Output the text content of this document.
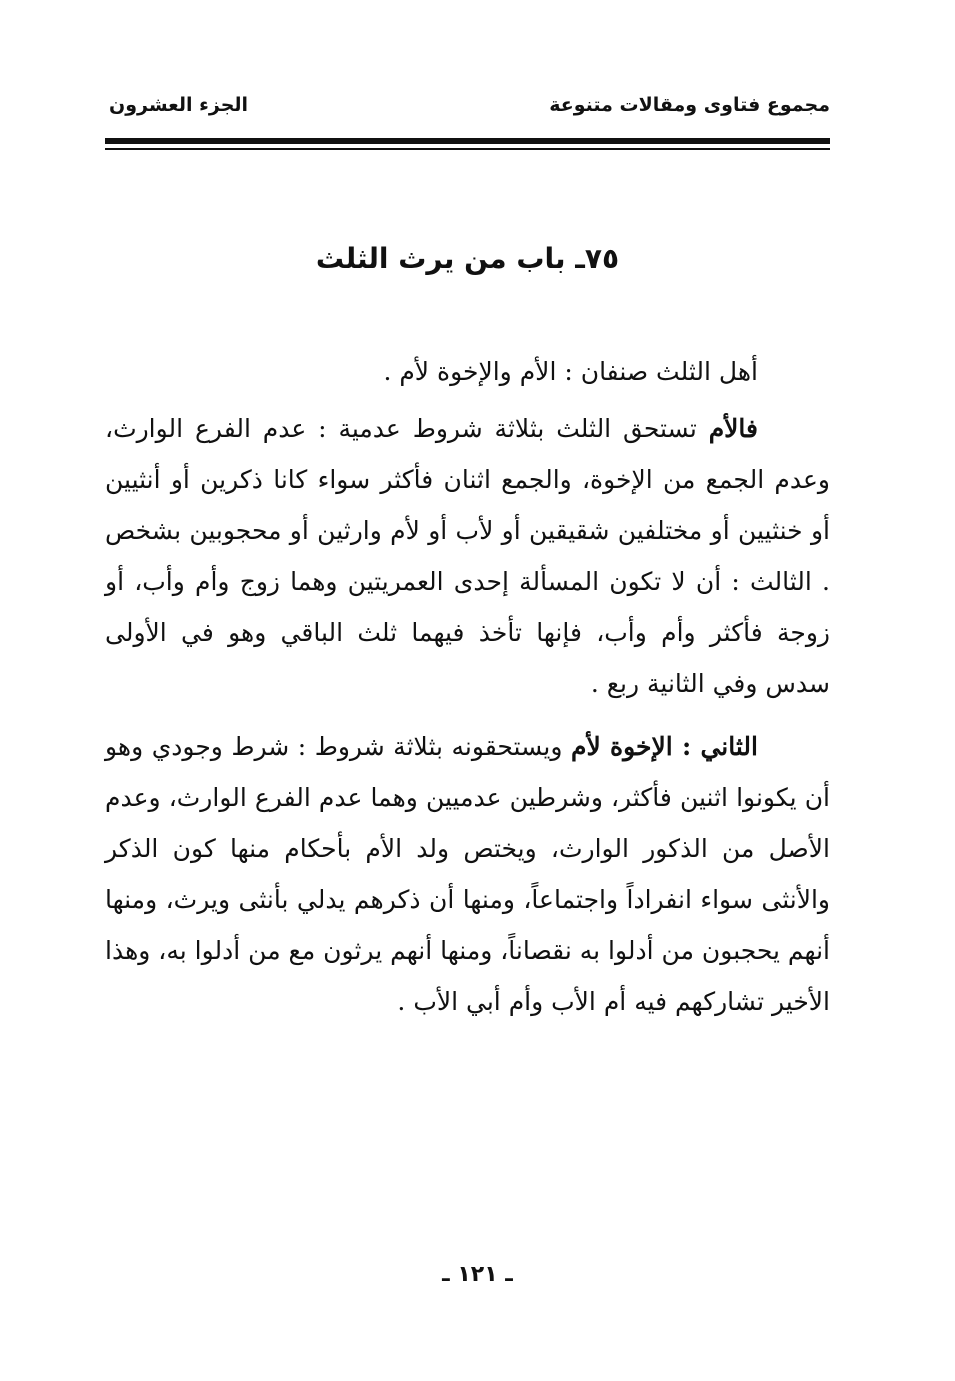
مجموع فتاوى ومقالات متنوعة
الجزء العشرون
٧٥ـ باب من يرث الثلث

أهل الثلث صنفان : الأم والإخوة لأم .

فالأم تستحق الثلث بثلاثة شروط عدمية : عدم الفرع الوارث، وعدم الجمع من الإخوة، والجمع اثنان فأكثر سواء كانا ذكرين أو أنثيين أو خنثيين أو مختلفين شقيقين أو لأب أو لأم وارثين أو محجوبين بشخص . الثالث : أن لا تكون المسألة إحدى العمريتين وهما زوج وأم وأب، أو زوجة فأكثر وأم وأب، فإنها تأخذ فيهما ثلث الباقي وهو في الأولى سدس وفي الثانية ربع .

الثاني : الإخوة لأم ويستحقونه بثلاثة شروط : شرط وجودي وهو أن يكونوا اثنين فأكثر، وشرطين عدميين وهما عدم الفرع الوارث، وعدم الأصل من الذكور الوارث، ويختص ولد الأم بأحكام منها كون الذكر والأنثى سواء انفراداً واجتماعاً، ومنها أن ذكرهم يدلي بأنثى ويرث، ومنها أنهم يحجبون من أدلوا به نقصاناً، ومنها أنهم يرثون مع من أدلوا به، وهذا الأخير تشاركهم فيه أم الأب وأم أبي الأب .

ـ ١٢١ ـ
